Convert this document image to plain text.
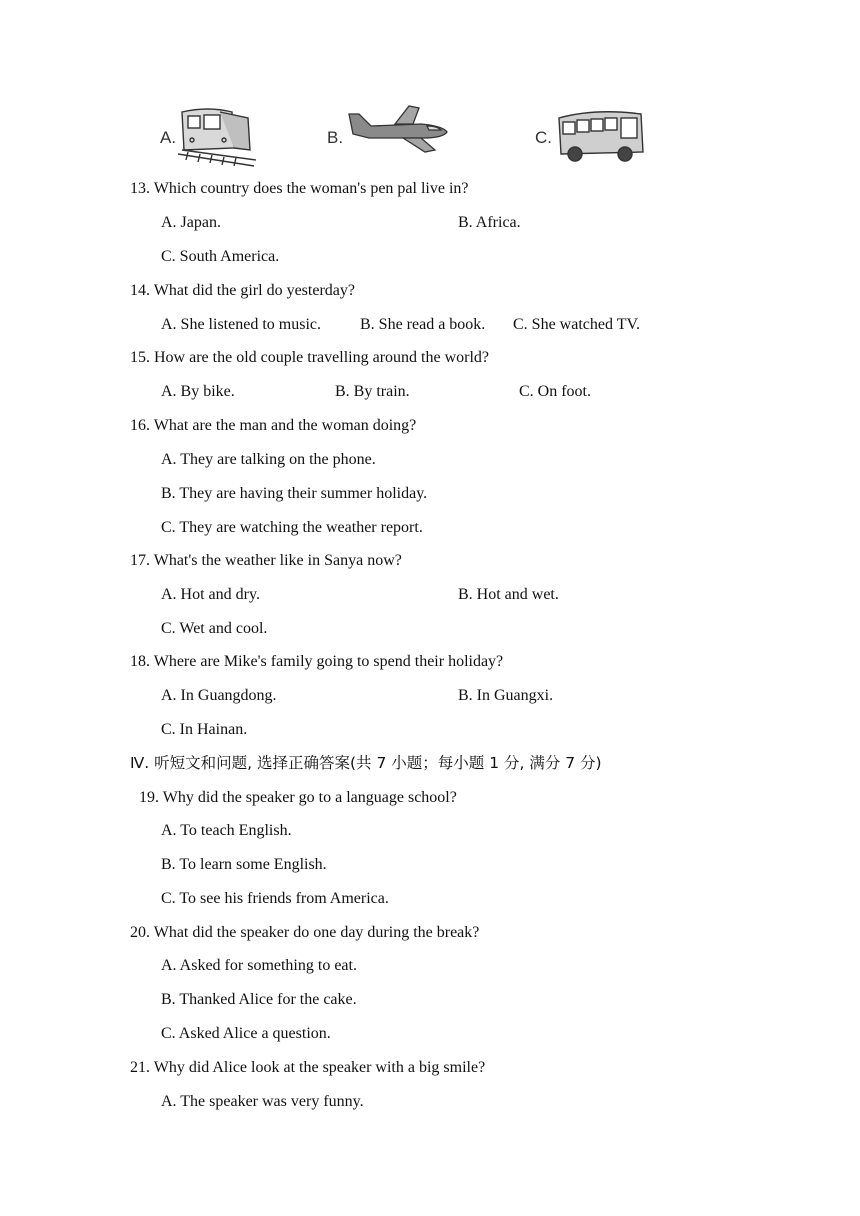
A.	B.	C.
13. Which country does the woman's pen pal live in?
A. Japan.	B. Africa.
C. South America.
14. What did the girl do yesterday?
A. She listened to music. B. She read a book. C. She watched TV.
15. How are the old couple travelling around the world?
A. By bike.	B. By train.	C. On foot.
16. What are the man and the woman doing?
A. They are talking on the phone.
B. They are having their summer holiday.
C. They are watching the weather report.
17. What's the weather like in Sanya now?
A. Hot and dry.	B. Hot and wet.
C. Wet and cool.
18. Where are Mike's family going to spend their holiday?
A. In Guangdong.	B. In Guangxi.
C. In Hainan.
Ⅳ. 听短文和问题, 选择正确答案(共 7 小题；每小题 1 分, 满分 7 分)
19. Why did the speaker go to a language school?
A. To teach English.
B. To learn some English.
C. To see his friends from America.
20. What did the speaker do one day during the break?
A. Asked for something to eat.
B. Thanked Alice for the cake.
C. Asked Alice a question.
21. Why did Alice look at the speaker with a big smile?
A. The speaker was very funny.
